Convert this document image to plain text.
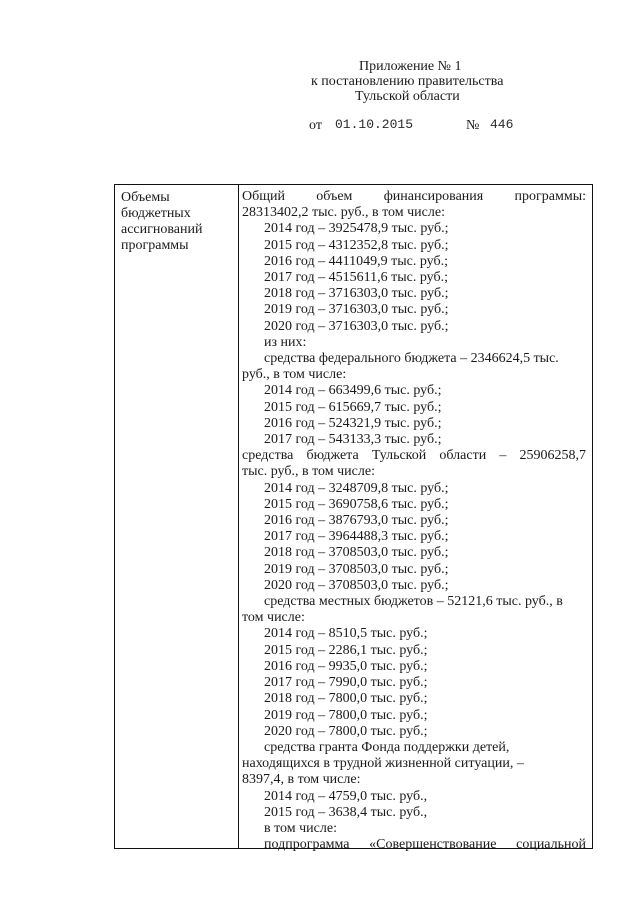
Приложение № 1
к постановлению правительства
Тульской области
от 01.10.2015	№ 446
Объемы
бюджетных
ассигнований
программы
Общий объем финансирования программы:
28313402,2 тыс. руб., в том числе:
2014 год – 3925478,9 тыс. руб.;
2015 год – 4312352,8 тыс. руб.;
2016 год – 4411049,9 тыс. руб.;
2017 год – 4515611,6 тыс. руб.;
2018 год – 3716303,0 тыс. руб.;
2019 год – 3716303,0 тыс. руб.;
2020 год – 3716303,0 тыс. руб.;
из них:
средства федерального бюджета – 2346624,5 тыс.
руб., в том числе:
2014 год – 663499,6 тыс. руб.;
2015 год – 615669,7 тыс. руб.;
2016 год – 524321,9 тыс. руб.;
2017 год – 543133,3 тыс. руб.;
средства бюджета Тульской области – 25906258,7
тыс. руб., в том числе:
2014 год – 3248709,8 тыс. руб.;
2015 год – 3690758,6 тыс. руб.;
2016 год – 3876793,0 тыс. руб.;
2017 год – 3964488,3 тыс. руб.;
2018 год – 3708503,0 тыс. руб.;
2019 год – 3708503,0 тыс. руб.;
2020 год – 3708503,0 тыс. руб.;
средства местных бюджетов – 52121,6 тыс. руб., в
том числе:
2014 год – 8510,5 тыс. руб.;
2015 год – 2286,1 тыс. руб.;
2016 год – 9935,0 тыс. руб.;
2017 год – 7990,0 тыс. руб.;
2018 год – 7800,0 тыс. руб.;
2019 год – 7800,0 тыс. руб.;
2020 год – 7800,0 тыс. руб.;
средства гранта Фонда поддержки детей,
находящихся в трудной жизненной ситуации, –
8397,4, в том числе:
2014 год – 4759,0 тыс. руб.,
2015 год – 3638,4 тыс. руб.,
в том числе:
подпрограмма «Совершенствование социальной
